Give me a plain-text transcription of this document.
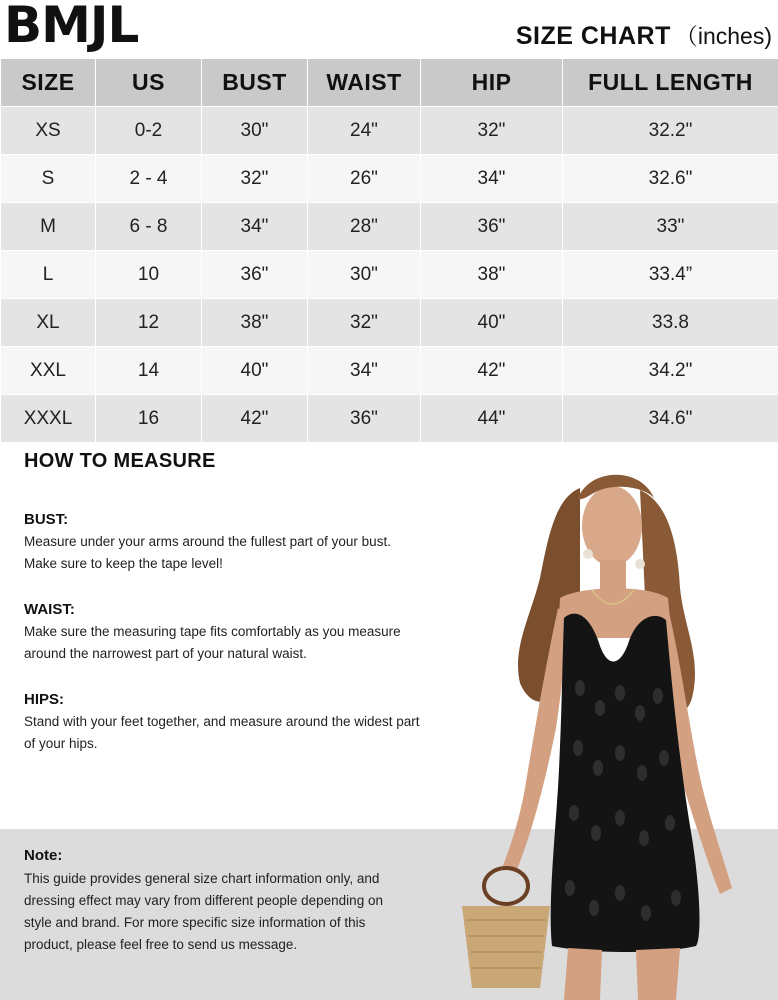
BMJL	SIZE CHART （inches)
SIZE	US	BUST	WAIST	HIP	FULL LENGTH
XS	0-2	30"	24"	32"	32.2"
S	2 - 4	32"	26"	34"	32.6"
M	6 - 8	34"	28"	36"	33"
L	10	36"	30"	38"	33.4”
XL	12	38"	32"	40"	33.8
XXL	14	40"	34"	42"	34.2"
XXXL	16	42"	36"	44"	34.6"
HOW TO MEASURE
BUST:

Measure under your arms around the fullest part of your bust.

Make sure to keep the tape level!

WAIST:

Make sure the measuring tape fits comfortably as you measure

around the narrowest part of your natural waist.

HIPS:

Stand with your feet together, and measure around the widest part

of your hips.

Note:

This guide provides general size chart information only, and

dressing effect may vary from different people depending on

style and brand. For more specific size information of this

product, please feel free to send us message.
